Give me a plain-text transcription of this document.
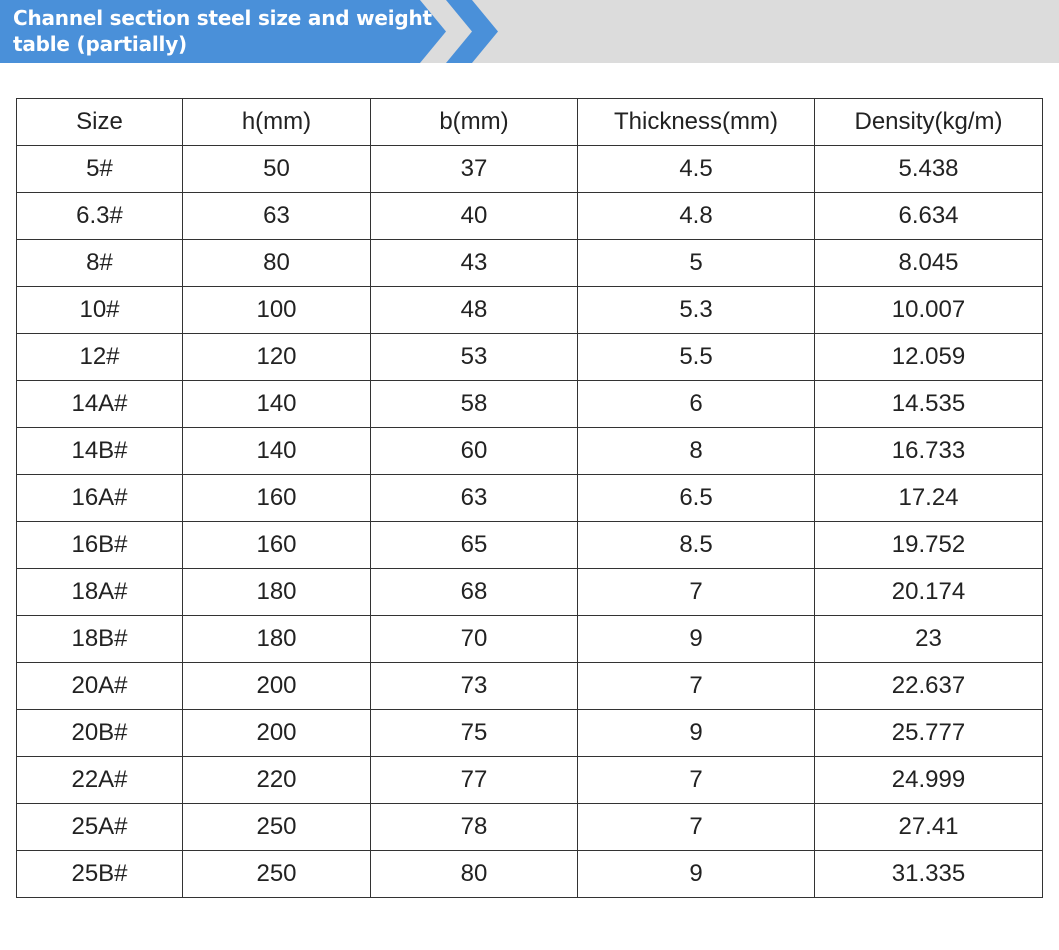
Channel section steel size and weight table (partially)
Size	h(mm)	b(mm)	Thickness(mm)	Density(kg/m)
5#	50	37	4.5	5.438
6.3#	63	40	4.8	6.634
8#	80	43	5	8.045
10#	100	48	5.3	10.007
12#	120	53	5.5	12.059
14A#	140	58	6	14.535
14B#	140	60	8	16.733
16A#	160	63	6.5	17.24
16B#	160	65	8.5	19.752
18A#	180	68	7	20.174
18B#	180	70	9	23
20A#	200	73	7	22.637
20B#	200	75	9	25.777
22A#	220	77	7	24.999
25A#	250	78	7	27.41
25B#	250	80	9	31.335
